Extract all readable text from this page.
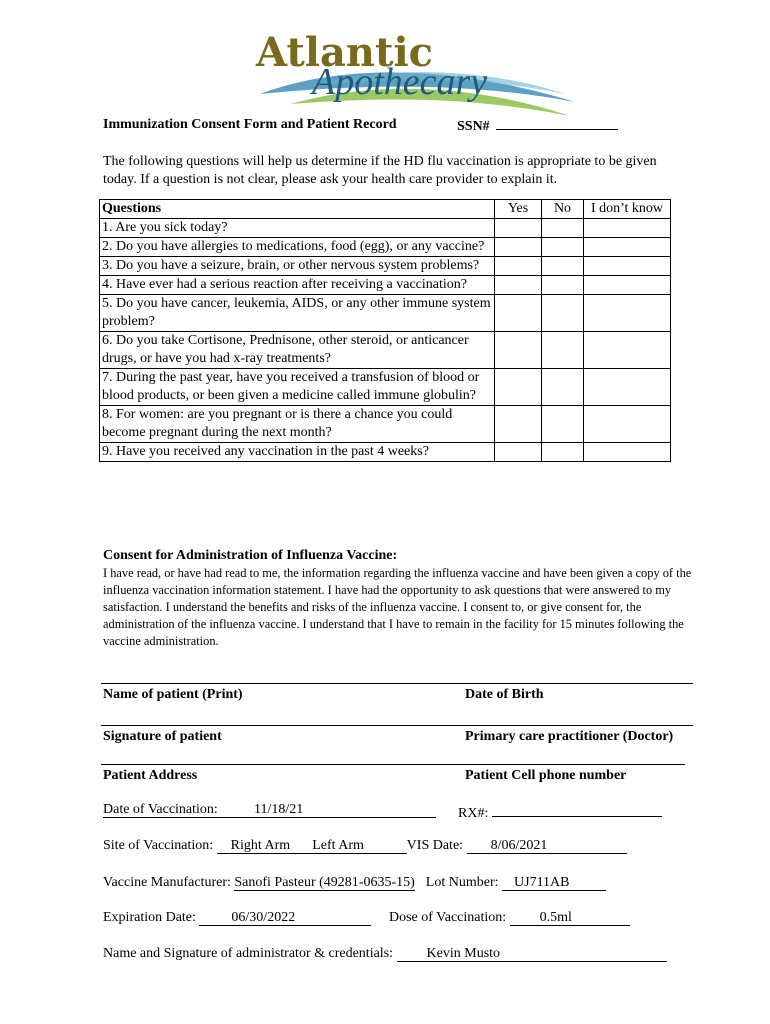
Atlantic
Apothecary
Immunization Consent Form and Patient Record	SSN#
The following questions will help us determine if the HD flu vaccination is appropriate to be given today. If a question is not clear, please ask your health care provider to explain it.
Questions	Yes	No	I don’t know
1. Are you sick today?			
2. Do you have allergies to medications, food (egg), or any vaccine?			
3. Do you have a seizure, brain, or other nervous system problems?			
4. Have ever had a serious reaction after receiving a vaccination?			
5. Do you have cancer, leukemia, AIDS, or any other immune system problem?			
6. Do you take Cortisone, Prednisone, other steroid, or anticancer drugs, or have you had x-ray treatments?			
7. During the past year, have you received a transfusion of blood or blood products, or been given a medicine called immune globulin?			
8. For women: are you pregnant or is there a chance you could become pregnant during the next month?			
9. Have you received any vaccination in the past 4 weeks?			
Consent for Administration of Influenza Vaccine:
I have read, or have had read to me, the information regarding the influenza vaccine and have been given a copy of the influenza vaccination information statement. I have had the opportunity to ask questions that were answered to my satisfaction. I understand the benefits and risks of the influenza vaccine. I consent to, or give consent for, the administration of the influenza vaccine. I understand that I have to remain in the facility for 15 minutes following the vaccine administration.
Name of patient (Print)	Date of Birth
Signature of patient	Primary care practitioner (Doctor)
Patient Address	Patient Cell phone number
Date of Vaccination:	11/18/21	RX#:
Site of Vaccination: Right Arm Left Arm	VIS Date: 8/06/2021
Vaccine Manufacturer: Sanofi Pasteur (49281-0635-15) Lot Number: UJ711AB
Expiration Date:	06/30/2022	Dose of Vaccination: 0.5ml
Name and Signature of administrator & credentials: Kevin Musto
